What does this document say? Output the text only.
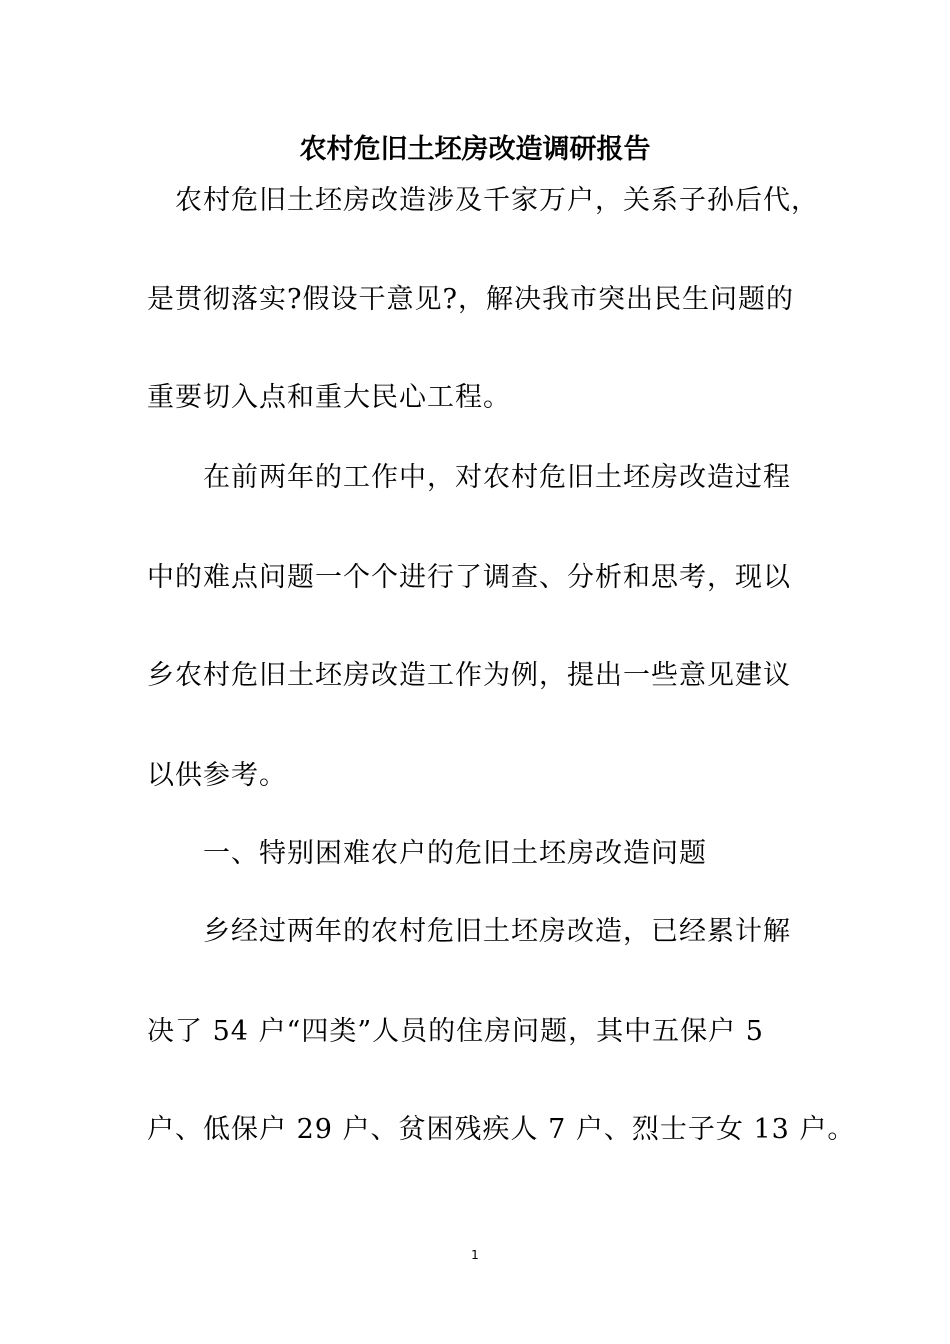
农村危旧土坯房改造调研报告
农村危旧土坯房改造涉及千家万户，关系子孙后代，
是贯彻落实?假设干意见?，解决我市突出民生问题的
重要切入点和重大民心工程。
在前两年的工作中，对农村危旧土坯房改造过程
中的难点问题一个个进行了调查、分析和思考，现以
乡农村危旧土坯房改造工作为例，提出一些意见建议
以供参考。
一、特别困难农户的危旧土坯房改造问题
乡经过两年的农村危旧土坯房改造，已经累计解
决了 54 户“四类”人员的住房问题，其中五保户 5
户、低保户 29 户、贫困残疾人 7 户、烈士子女 13 户。
1
